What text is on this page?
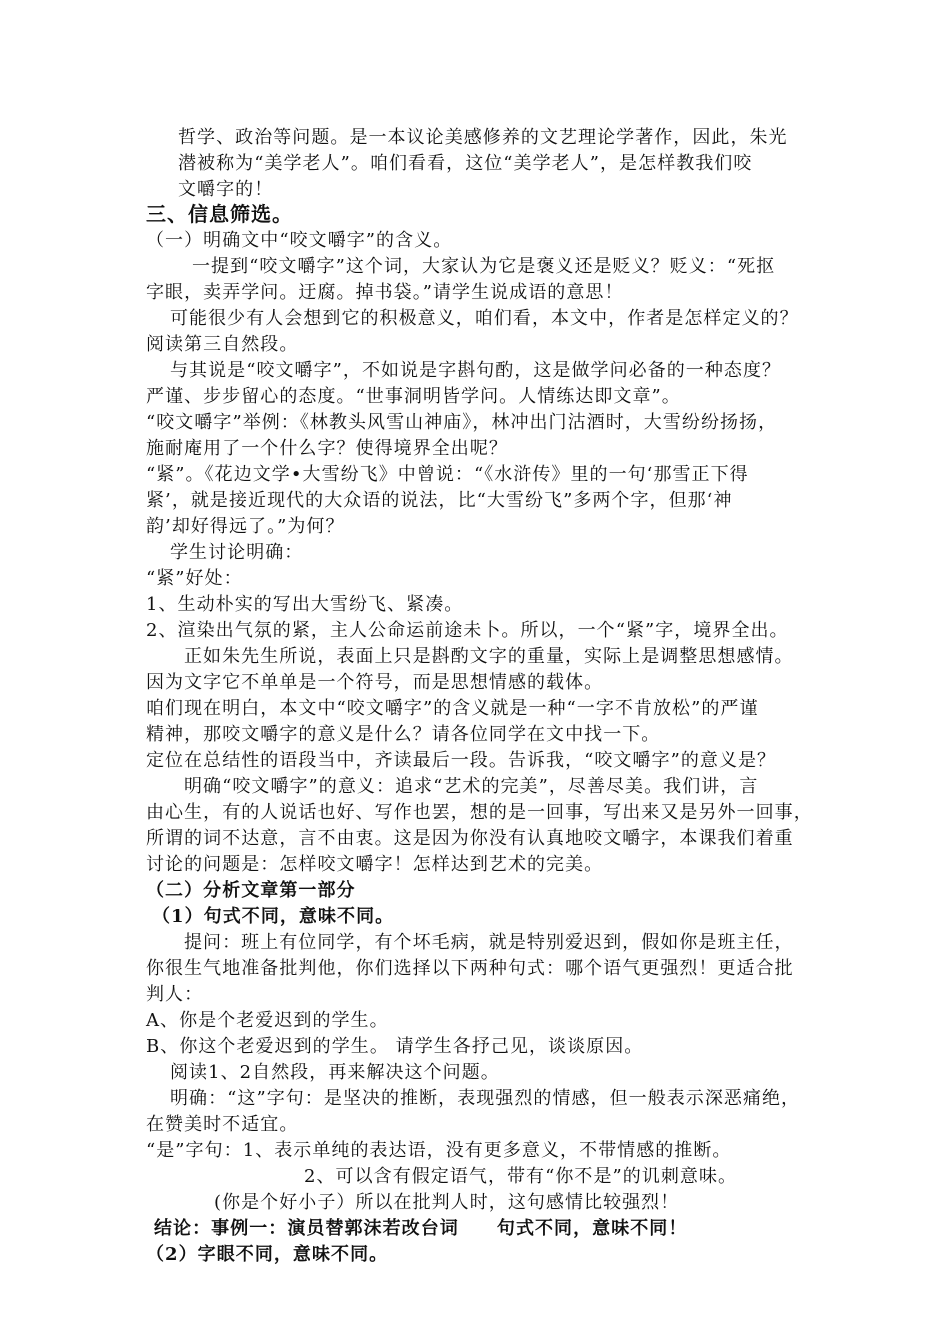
哲学、政治等问题。是一本议论美感修养的文艺理论学著作，因此，朱光
潜被称为“美学老人”。咱们看看，这位“美学老人”，是怎样教我们咬
文嚼字的！
三、信息筛选。
（一）明确文中“咬文嚼字”的含义。
一提到“咬文嚼字”这个词，大家认为它是褒义还是贬义？贬义：“死抠
字眼，卖弄学问。迂腐。掉书袋。”请学生说成语的意思！
可能很少有人会想到它的积极意义，咱们看，本文中，作者是怎样定义的？
阅读第三自然段。
与其说是“咬文嚼字”，不如说是字斟句酌，这是做学问必备的一种态度？
严谨、步步留心的态度。“世事洞明皆学问。人情练达即文章”。
“咬文嚼字”举例：《林教头风雪山神庙》，林冲出门沽酒时，大雪纷纷扬扬，
施耐庵用了一个什么字？使得境界全出呢？
“紧”。《花边文学•大雪纷飞》中曾说：“《水浒传》里的一句‘那雪正下得
紧’，就是接近现代的大众语的说法，比“大雪纷飞”多两个字，但那‘神
韵’却好得远了。”为何？
学生讨论明确：
“紧”好处：
1、生动朴实的写出大雪纷飞、紧凑。
2、渲染出气氛的紧，主人公命运前途未卜。所以，一个“紧”字，境界全出。
正如朱先生所说，表面上只是斟酌文字的重量，实际上是调整思想感情。
因为文字它不单单是一个符号，而是思想情感的载体。
咱们现在明白，本文中“咬文嚼字”的含义就是一种“一字不肯放松”的严谨
精神，那咬文嚼字的意义是什么？请各位同学在文中找一下。
定位在总结性的语段当中，齐读最后一段。告诉我，“咬文嚼字”的意义是？
明确“咬文嚼字”的意义：追求“艺术的完美”，尽善尽美。我们讲，言
由心生，有的人说话也好、写作也罢，想的是一回事，写出来又是另外一回事，
所谓的词不达意，言不由衷。这是因为你没有认真地咬文嚼字，本课我们着重
讨论的问题是：怎样咬文嚼字！怎样达到艺术的完美。
（二）分析文章第一部分
（1）句式不同，意味不同。
提问：班上有位同学，有个坏毛病，就是特别爱迟到，假如你是班主任，
你很生气地准备批判他，你们选择以下两种句式：哪个语气更强烈！更适合批
判人：
A、你是个老爱迟到的学生。
B、你这个老爱迟到的学生。 请学生各抒己见，谈谈原因。
阅读1、2自然段，再来解决这个问题。
明确：“这”字句：是坚决的推断，表现强烈的情感，但一般表示深恶痛绝，
在赞美时不适宜。
“是”字句：1、表示单纯的表达语，没有更多意义，不带情感的推断。
2、可以含有假定语气，带有“你不是”的讥刺意味。
(你是个好小子）所以在批判人时，这句感情比较强烈！
结论：事例一：演员替郭沫若改台词　　句式不同，意味不同！
（2）字眼不同，意味不同。
